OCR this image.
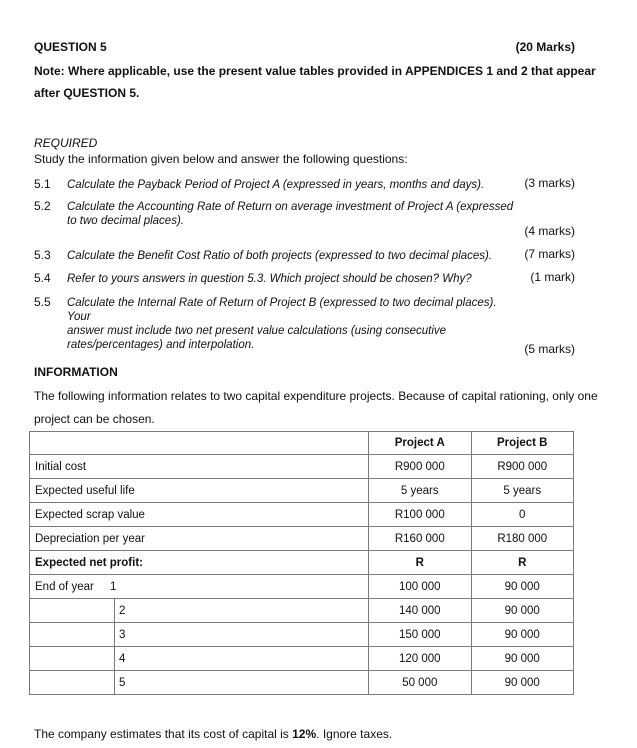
QUESTION 5	(20 Marks)
Note: Where applicable, use the present value tables provided in APPENDICES 1 and 2 that appear
after QUESTION 5.
REQUIRED
Study the information given below and answer the following questions:
5.1 Calculate the Payback Period of Project A (expressed in years, months and days).	(3 marks)
5.2 Calculate the Accounting Rate of Return on average investment of Project A (expressed
to two decimal places).
(4 marks)
5.3 Calculate the Benefit Cost Ratio of both projects (expressed to two decimal places).	(7 marks)
5.4 Refer to yours answers in question 5.3. Which project should be chosen? Why?	(1 mark)
5.5 Calculate the Internal Rate of Return of Project B (expressed to two decimal places). Your
answer must include two net present value calculations (using consecutive
rates/percentages) and interpolation.	(5 marks)
INFORMATION
The following information relates to two capital expenditure projects. Because of capital rationing, only one
project can be chosen.
	Project A	Project B
Initial cost	R900 000	R900 000
Expected useful life	5 years	5 years
Expected scrap value	R100 000	0
Depreciation per year	R160 000	R180 000
Expected net profit:	R	R

End of year 1	100 000	90 000

2	140 000	90 000

3	150 000	90 000

4	120 000	90 000

5	50 000	90 000
The company estimates that its cost of capital is 12%. Ignore taxes.
